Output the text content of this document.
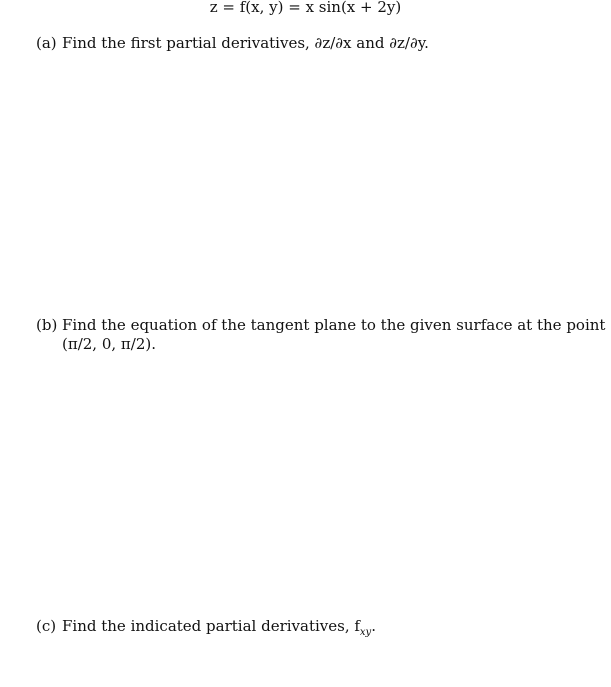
z = f(x, y) = x sin(x + 2y)
(a) Find the first partial derivatives, ∂z/∂x and ∂z/∂y.
(b) Find the equation of the tangent plane to the given surface at the point
(π/2, 0, π/2).
(c) Find the indicated partial derivatives, $f_{xy}$.
